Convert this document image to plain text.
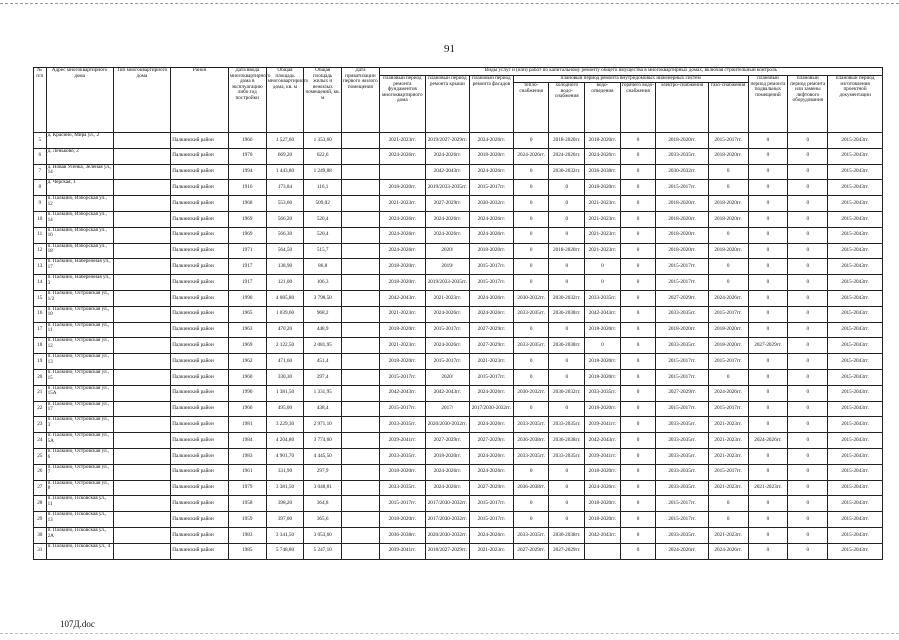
91
№ п/п	Адрес многоквартирного дома	Тип многоквартирного дома	Район	Дата ввода многоквартирного дома в эксплуатацию либо год постройки	Общая площадь многоквартирного дома, кв. м	Общая площадь жилых и нежилых помещений, кв. м	Дата приватизации первого жилого помещения	Виды услуг и (или) работ по капитальному ремонту общего имущества в многоквартирных домах, включая строительный контроль											
								плановый период ремонта фундаментов многоквартирного дома	плановый период ремонта крыши	плановый период ремонта фасадов	плановый период ремонта внутридомовых инженерных систем						плановый период ремонта подвальных помещений	плановый период ремонта или замены лифтового оборудования	плановый период изготовления проектной документации
											тепло-снабжения	холодного водо-снабжения	водо-отведения	горячего водо-снабжения	электро-снабжения	газо-снабжения			
5	д. Красино, Мира ул., 2		Палкинский район	1966	1 527,60	1 353,60		2021-2023гг.	2019/2027-2029гг.	2024-2026гг.	0	2018-2020гг.	2018-2020гг.	0	2018-2020гг.	2015-2017гг.	0	0	2015-2043гг.
6	д. Леньково, 2		Палкинский район	1970	669,20	622,6		2024-2026гг.	2024-2026гг.	2018-2020гг.	2024-2026гг.	2024-2026гг.	2024-2026гг.	0	2033-2035гг.	2018-2020гг.	0	0	2015-2043гг.
7	д. Новая Усенка, Зеленая ул., 14		Палкинский район	1994	1 443,80	1 249,88			2042-2043гг.	2024-2026гг.	0	2030-2032гг.	2036-2038гг.	0	2030-2032гг.	0	0	0	2015-2043гг.
8	д. Черская, 1		Палкинский район	1916	173,84	116,1		2018-2020гг.	2019/2033-2035гг.	2015-2017гг.	0	0	2018-2020гг.	0	2015-2017гг.	0	0	0	2015-2043гг.
9	п. Палкино, Изборская ул., 12		Палкинский район	1968	553,60	509,02		2021-2023гг.	2027-2029гг.	2030-2032гг.	0	0	2021-2023гг.	0	2018-2020гг.	2018-2020гг.	0	0	2015-2043гг.
10	п. Палкино, Изборская ул., 14		Палкинский район	1969	566,20	520,4		2024-2026гг.	2024-2026гг.	2024-2026гг.	0	0	2021-2023гг.	0	2018-2020гг.	2018-2020гг.	0	0	2015-2043гг.
11	п. Палкино, Изборская ул., 16		Палкинский район	1969	566,30	520,4		2024-2026гг.	2024-2026гг.	2024-2026гг.	0	0	2021-2023гг.	0	2018-2020гг.	0	0	0	2015-2043гг.
12	п. Палкино, Изборская ул., 18		Палкинский район	1971	564,50	515,7		2024-2026гг.	2020/	2018-2020гг.	0	2018-2020гг.	2021-2023гг.	0	2018-2020гг.	2018-2020гг.	0	0	2015-2043гг.
13	п. Палкино, Набережная ул., 17		Палкинский район	1917	138,90	86,8		2018-2020гг.	2019/	2015-2017гг.	0	0	0	0	2015-2017гг.	0	0	0	2015-2043гг.
14	п. Палкино, Набережная ул., 3		Палкинский район	1917	121,00	106,3		2018-2020гг.	2019/2033-2035гг.	2015-2017гг.	0	0	0	0	2015-2017гг.	0	0	0	2015-2043гг.
15	п. Палкино, Островская ул., 1/2		Палкинский район	1990	4 085,80	3 798,50		2042-2043гг.	2021-2023гг.	2024-2026гг.	2030-2032гг.	2030-2032гг.	2033-2035гг.	0	2027-2029гг.	2024-2026гг.	0	0	2015-2043гг.
16	п. Палкино, Островская ул., 10		Палкинский район	1965	1 039,60	968,2		2021-2023гг.	2024-2026гг.	2024-2026гг.	2033-2035гг.	2036-2038гг.	2042-2043гг.	0	2033-2035гг.	2015-2017гг.	0	0	2015-2043гг.
17	п. Палкино, Островская ул., 11		Палкинский район	1963	470,20	448,9		2018-2020гг.	2015-2017гг.	2027-2029гг.	0	0	2018-2020гг.	0	2018-2020гг.	2018-2020гг.	0	0	2015-2043гг.
18	п. Палкино, Островская ул., 12		Палкинский район	1969	2 122,50	2 081,95		2021-2023гг.	2024-2026гг.	2027-2029гг.	2033-2035гг.	2036-2038гг.	0	0	2033-2035гг.	2018-2020гг.	2027-2029гг.	0	2015-2043гг.
19	п. Палкино, Островская ул., 13		Палкинский район	1962	471,60	451,4		2018-2020гг.	2015-2017гг.	2021-2023гг.	0	0	2018-2020гг.	0	2015-2017гг.	2015-2017гг.	0	0	2015-2043гг.
20	п. Палкино, Островская ул., 15		Палкинский район	1960	330,30	297,4		2015-2017гг.	2020/	2015-2017гг.	0	0	2018-2020гг.	0	2015-2017гг.	0	0	0	2015-2043гг.
21	п. Палкино, Островская ул., 15А		Палкинский район	1990	1 381,50	1 331,95		2042-2043гг.	2042-2043гг.	2024-2026гг.	2030-2032гг.	2030-2032гг.	2033-2035гг.	0	2027-2029гг.	2024-2026гг.	0	0	2015-2043гг.
22	п. Палкино, Островская ул., 17		Палкинский район	1960	495,00	438,4		2015-2017гг.	2017/	2017/2030-2032гг.	0	0	2018-2020гг.	0	2015-2017гг.	2015-2017гг.	0	0	2015-2043гг.
23	п. Палкино, Островская ул., 3		Палкинский район	1981	3 229,30	2 971,10		2033-2035гг.	2020/2030-2032гг.	2024-2026гг.	2033-2035гг.	2033-2035гг.	2039-2041гг.	0	2033-2035гг.	2021-2023гг.	0	0	2015-2043гг.
24	п. Палкино, Островская ул., 5А		Палкинский район	1984	4 204,80	3 774,60		2039-2041гг.	2027-2029гг.	2027-2029гг.	2036-2038гг.	2036-2038гг.	2042-2043гг.	0	2033-2035гг.	2021-2023гг.	2024-2026гг.	0	2015-2043гг.
25	п. Палкино, Островская ул., 6		Палкинский район	1983	4 901,70	4 445,50		2033-2035гг.	2018-2020гг.	2024-2026гг.	2033-2035гг.	2033-2035гг.	2039-2041гг.	0	2033-2035гг.	2021-2023гг.	0	0	2015-2043гг.
26	п. Палкино, Островская ул., 7		Палкинский район	1961	331,90	297,9		2018-2020гг.	2024-2026гг.	2024-2026гг.	0	0	2018-2020гг.	0	2033-2035гг.	2015-2017гг.	0	0	2015-2043гг.
27	п. Палкино, Островская ул., 8		Палкинский район	1979	3 381,50	3 048,81		2033-2035гг.	2024-2026гг.	2027-2029гг.	2036-2038гг.	0	2024-2026гг.	0	2033-2035гг.	2021-2023гг.	2021-2023гг.	0	2015-2043гг.
28	п. Палкино, Псковская ул., 11		Палкинский район	1958	398,20	364,8		2015-2017гг.	2017/2030-2032гг.	2015-2017гг.	0	0	2018-2020гг.	0	2015-2017гг.	0	0	0	2015-2043гг.
29	п. Палкино, Псковская ул., 13		Палкинский район	1959	397,00	365,6		2018-2020гг.	2017/2030-2032гг.	2015-2017гг.	0	0	2018-2020гг.	0	2015-2017гг.	0	0	0	2015-2043гг.
30	п. Палкино, Псковская ул., 2А		Палкинский район	1983	3 341,50	3 053,60		2036-2038гг.	2020/2030-2032гг.	2024-2026гг.	2033-2035гг.	2036-2038гг.	2042-2043гг.	0	2033-2035гг.	2021-2023гг.	0	0	2015-2043гг.
31	п. Палкино, Псковская ул., 4		Палкинский район	1985	5 748,80	5 247,10		2039-2041гг.	2018/2027-2029гг.	2021-2023гг.	2027-2029гг.	2027-2029гг.		0	2024-2026гг.	2024-2026гг.	0	0	2015-2043гг.
107Д.doc
